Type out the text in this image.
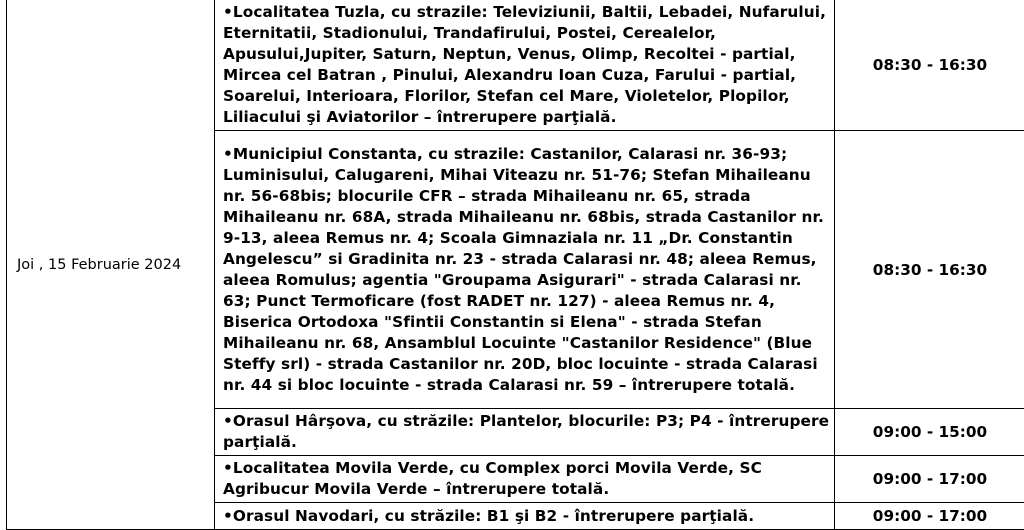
Joi , 15 Februarie 2024	•Localitatea Tuzla, cu strazile: Televiziunii, Baltii, Lebadei, Nufarului, Eternitatii, Stadionului, Trandafirului, Postei, Cerealelor, Apusului,Jupiter, Saturn, Neptun, Venus, Olimp, Recoltei - partial, Mircea cel Batran , Pinului, Alexandru Ioan Cuza, Farului - partial, Soarelui, Interioara, Florilor, Stefan cel Mare, Violetelor, Plopilor, Liliacului şi Aviatorilor – întrerupere parţială.	08:30 - 16:30
	•Municipiul Constanta, cu strazile: Castanilor, Calarasi nr. 36-93; Luminisului, Calugareni, Mihai Viteazu nr. 51-76; Stefan Mihaileanu nr. 56-68bis; blocurile CFR – strada Mihaileanu nr. 65, strada Mihaileanu nr. 68A, strada Mihaileanu nr. 68bis, strada Castanilor nr. 9-13, aleea Remus nr. 4; Scoala Gimnaziala nr. 11 „Dr. Constantin Angelescu” si Gradinita nr. 23 - strada Calarasi nr. 48; aleea Remus, aleea Romulus; agentia "Groupama Asigurari" - strada Calarasi nr. 63; Punct Termoficare (fost RADET nr. 127) - aleea Remus nr. 4, Biserica Ortodoxa "Sfintii Constantin si Elena" - strada Stefan Mihaileanu nr. 68, Ansamblul Locuinte "Castanilor Residence" (Blue Steffy srl) - strada Castanilor nr. 20D, bloc locuinte - strada Calarasi nr. 44 si bloc locuinte - strada Calarasi nr. 59 – întrerupere totală.	08:30 - 16:30
	•Orasul Hârşova, cu străzile: Plantelor, blocurile: P3; P4 - întrerupere parţială.	09:00 - 15:00
	•Localitatea Movila Verde, cu Complex porci Movila Verde, SC Agribucur Movila Verde – întrerupere totală.	09:00 - 17:00
	•Orasul Navodari, cu străzile: B1 şi B2 - întrerupere parţială.	09:00 - 17:00
